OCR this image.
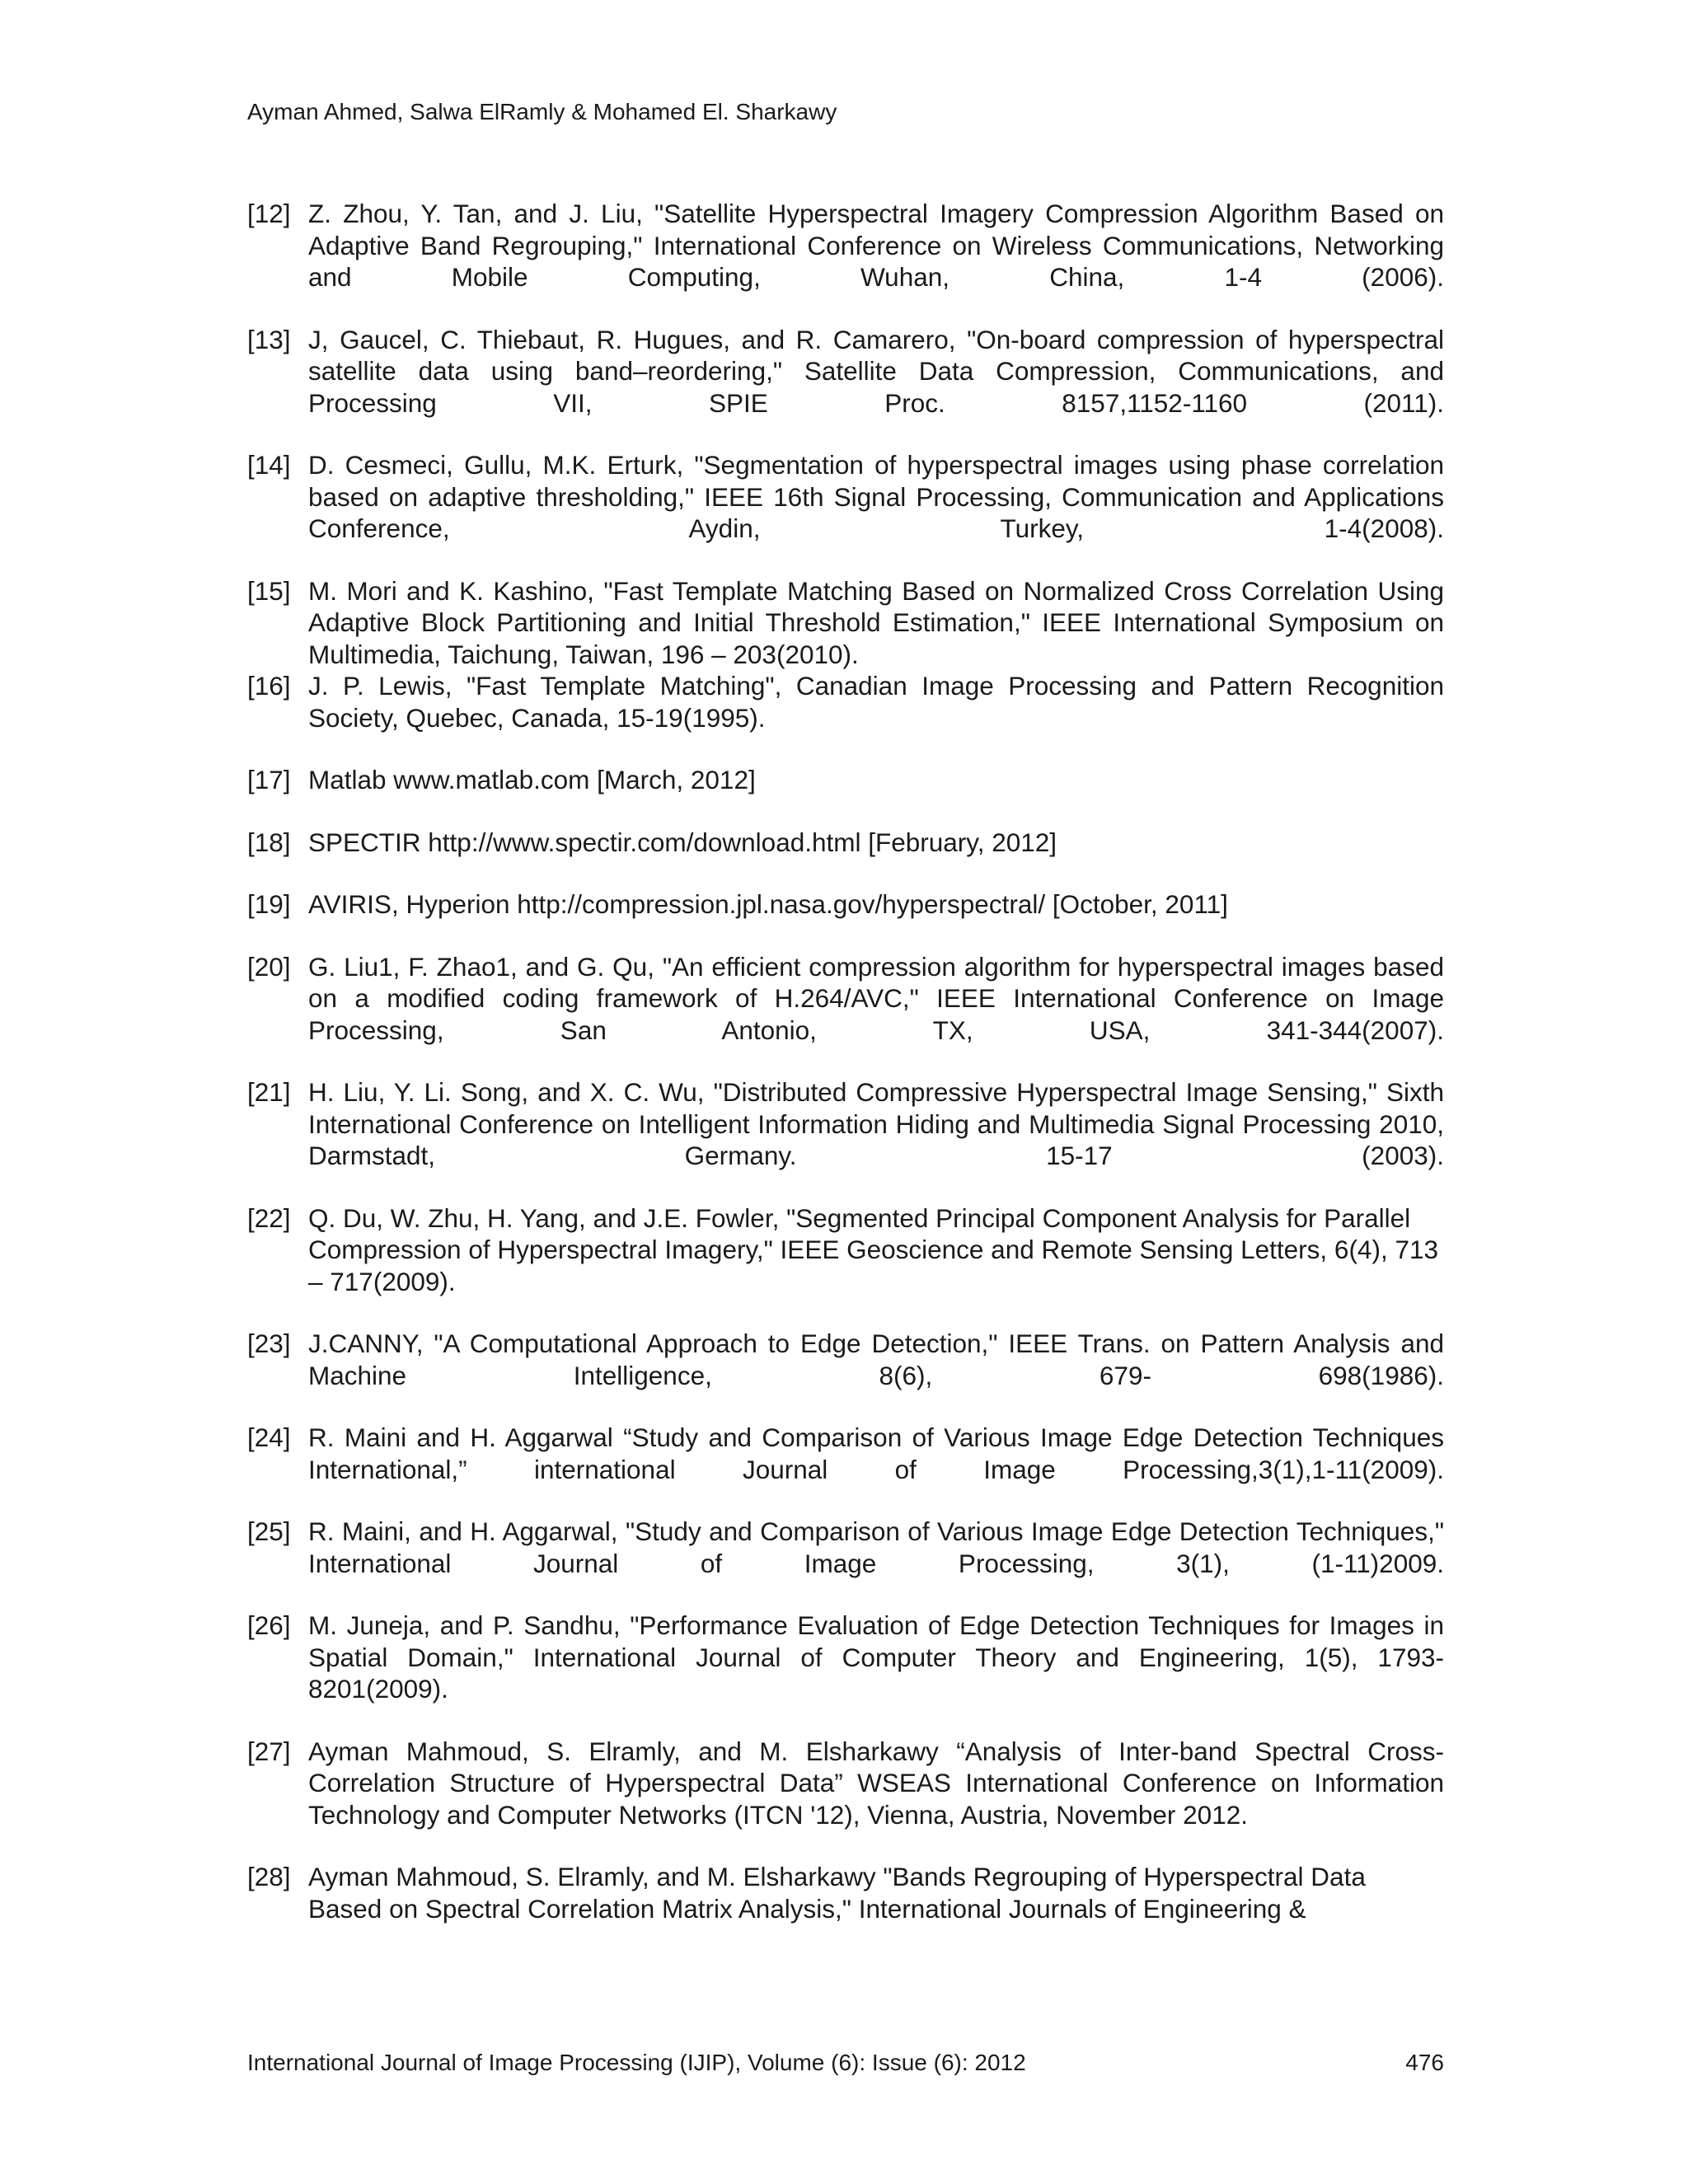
Ayman Ahmed, Salwa ElRamly & Mohamed El. Sharkawy
[12] Z. Zhou, Y. Tan, and J. Liu, "Satellite Hyperspectral Imagery Compression Algorithm Based on Adaptive Band Regrouping," International Conference on Wireless Communications, Networking and Mobile Computing, Wuhan, China, 1-4 (2006).
[13] J, Gaucel, C. Thiebaut, R. Hugues, and R. Camarero, "On-board compression of hyperspectral satellite data using band–reordering," Satellite Data Compression, Communications, and Processing VII, SPIE Proc. 8157,1152-1160 (2011).
[14] D. Cesmeci, Gullu, M.K. Erturk, "Segmentation of hyperspectral images using phase correlation based on adaptive thresholding," IEEE 16th Signal Processing, Communication and Applications Conference, Aydin, Turkey, 1-4(2008).
[15] M. Mori and K. Kashino, "Fast Template Matching Based on Normalized Cross Correlation Using Adaptive Block Partitioning and Initial Threshold Estimation," IEEE International Symposium on Multimedia, Taichung, Taiwan, 196 – 203(2010).
[16] J. P. Lewis, "Fast Template Matching", Canadian Image Processing and Pattern Recognition Society, Quebec, Canada, 15-19(1995).
[17] Matlab www.matlab.com [March, 2012]
[18] SPECTIR http://www.spectir.com/download.html [February, 2012]
[19] AVIRIS, Hyperion http://compression.jpl.nasa.gov/hyperspectral/ [October, 2011]
[20] G. Liu1, F. Zhao1, and G. Qu, "An efficient compression algorithm for hyperspectral images based on a modified coding framework of H.264/AVC," IEEE International Conference on Image Processing, San Antonio, TX, USA, 341-344(2007).
[21] H. Liu, Y. Li. Song, and X. C. Wu, "Distributed Compressive Hyperspectral Image Sensing," Sixth International Conference on Intelligent Information Hiding and Multimedia Signal Processing 2010, Darmstadt, Germany. 15-17 (2003).
[22] Q. Du, W. Zhu, H. Yang, and J.E. Fowler, "Segmented Principal Component Analysis for Parallel Compression of Hyperspectral Imagery," IEEE Geoscience and Remote Sensing Letters, 6(4), 713 – 717(2009).
[23] J.CANNY, "A Computational Approach to Edge Detection," IEEE Trans. on Pattern Analysis and Machine Intelligence, 8(6), 679- 698(1986).
[24] R. Maini and H. Aggarwal “Study and Comparison of Various Image Edge Detection Techniques International,” international Journal of Image Processing,3(1),1-11(2009).
[25] R. Maini, and H. Aggarwal, "Study and Comparison of Various Image Edge Detection Techniques," International Journal of Image Processing, 3(1), (1-11)2009.
[26] M. Juneja, and P. Sandhu, "Performance Evaluation of Edge Detection Techniques for Images in Spatial Domain," International Journal of Computer Theory and Engineering, 1(5), 1793-8201(2009).
[27] Ayman Mahmoud, S. Elramly, and M. Elsharkawy “Analysis of Inter-band Spectral Cross-Correlation Structure of Hyperspectral Data” WSEAS International Conference on Information Technology and Computer Networks (ITCN '12), Vienna, Austria, November 2012.
[28] Ayman Mahmoud, S. Elramly, and M. Elsharkawy "Bands Regrouping of Hyperspectral Data Based on Spectral Correlation Matrix Analysis," International Journals of Engineering &
International Journal of Image Processing (IJIP), Volume (6): Issue (6): 2012	476
